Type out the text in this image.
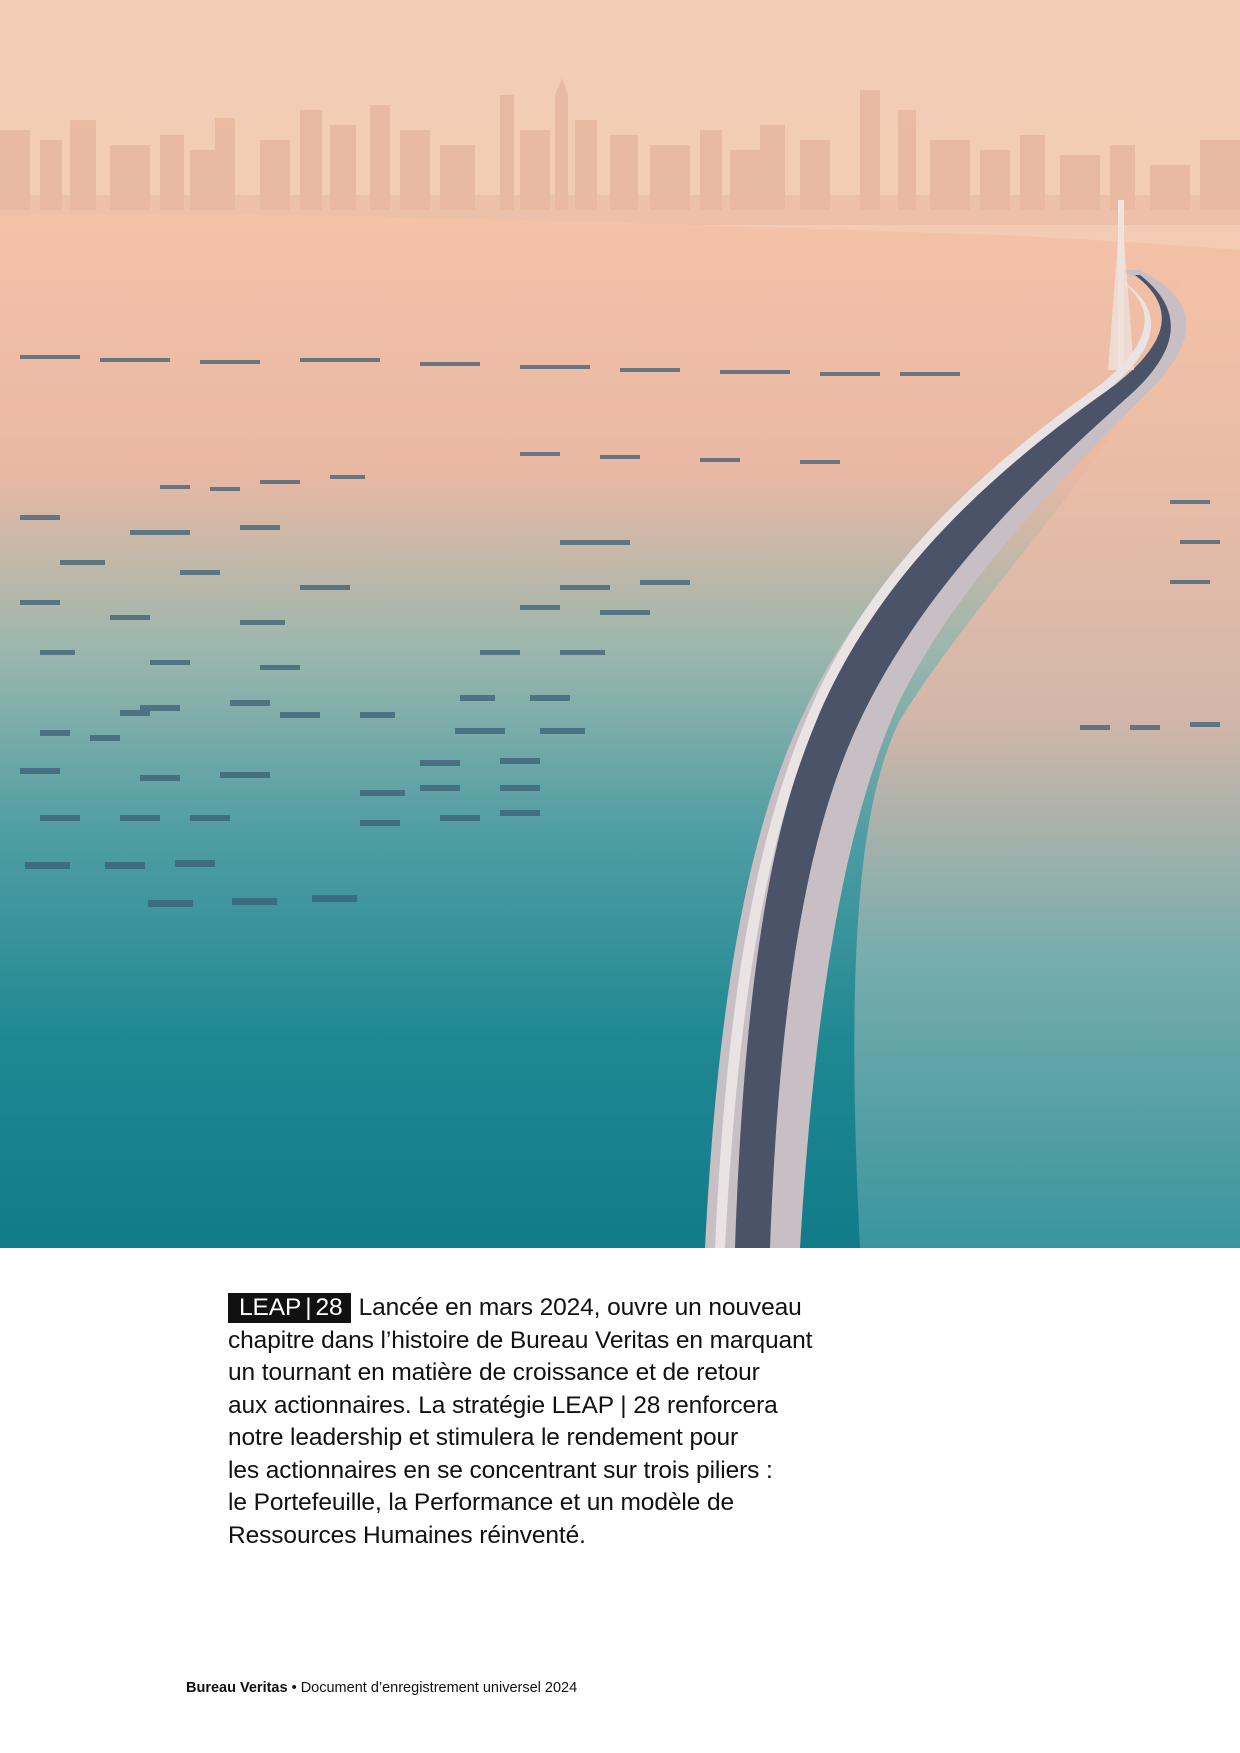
LEAP | 28 Lancée en mars 2024, ouvre un nouveau
chapitre dans l’histoire de Bureau Veritas en marquant
un tournant en matière de croissance et de retour
aux actionnaires. La stratégie LEAP | 28 renforcera
notre leadership et stimulera le rendement pour
les actionnaires en se concentrant sur trois piliers :
le Portefeuille, la Performance et un modèle de
Ressources Humaines réinventé.
Bureau Veritas • Document d’enregistrement universel 2024
